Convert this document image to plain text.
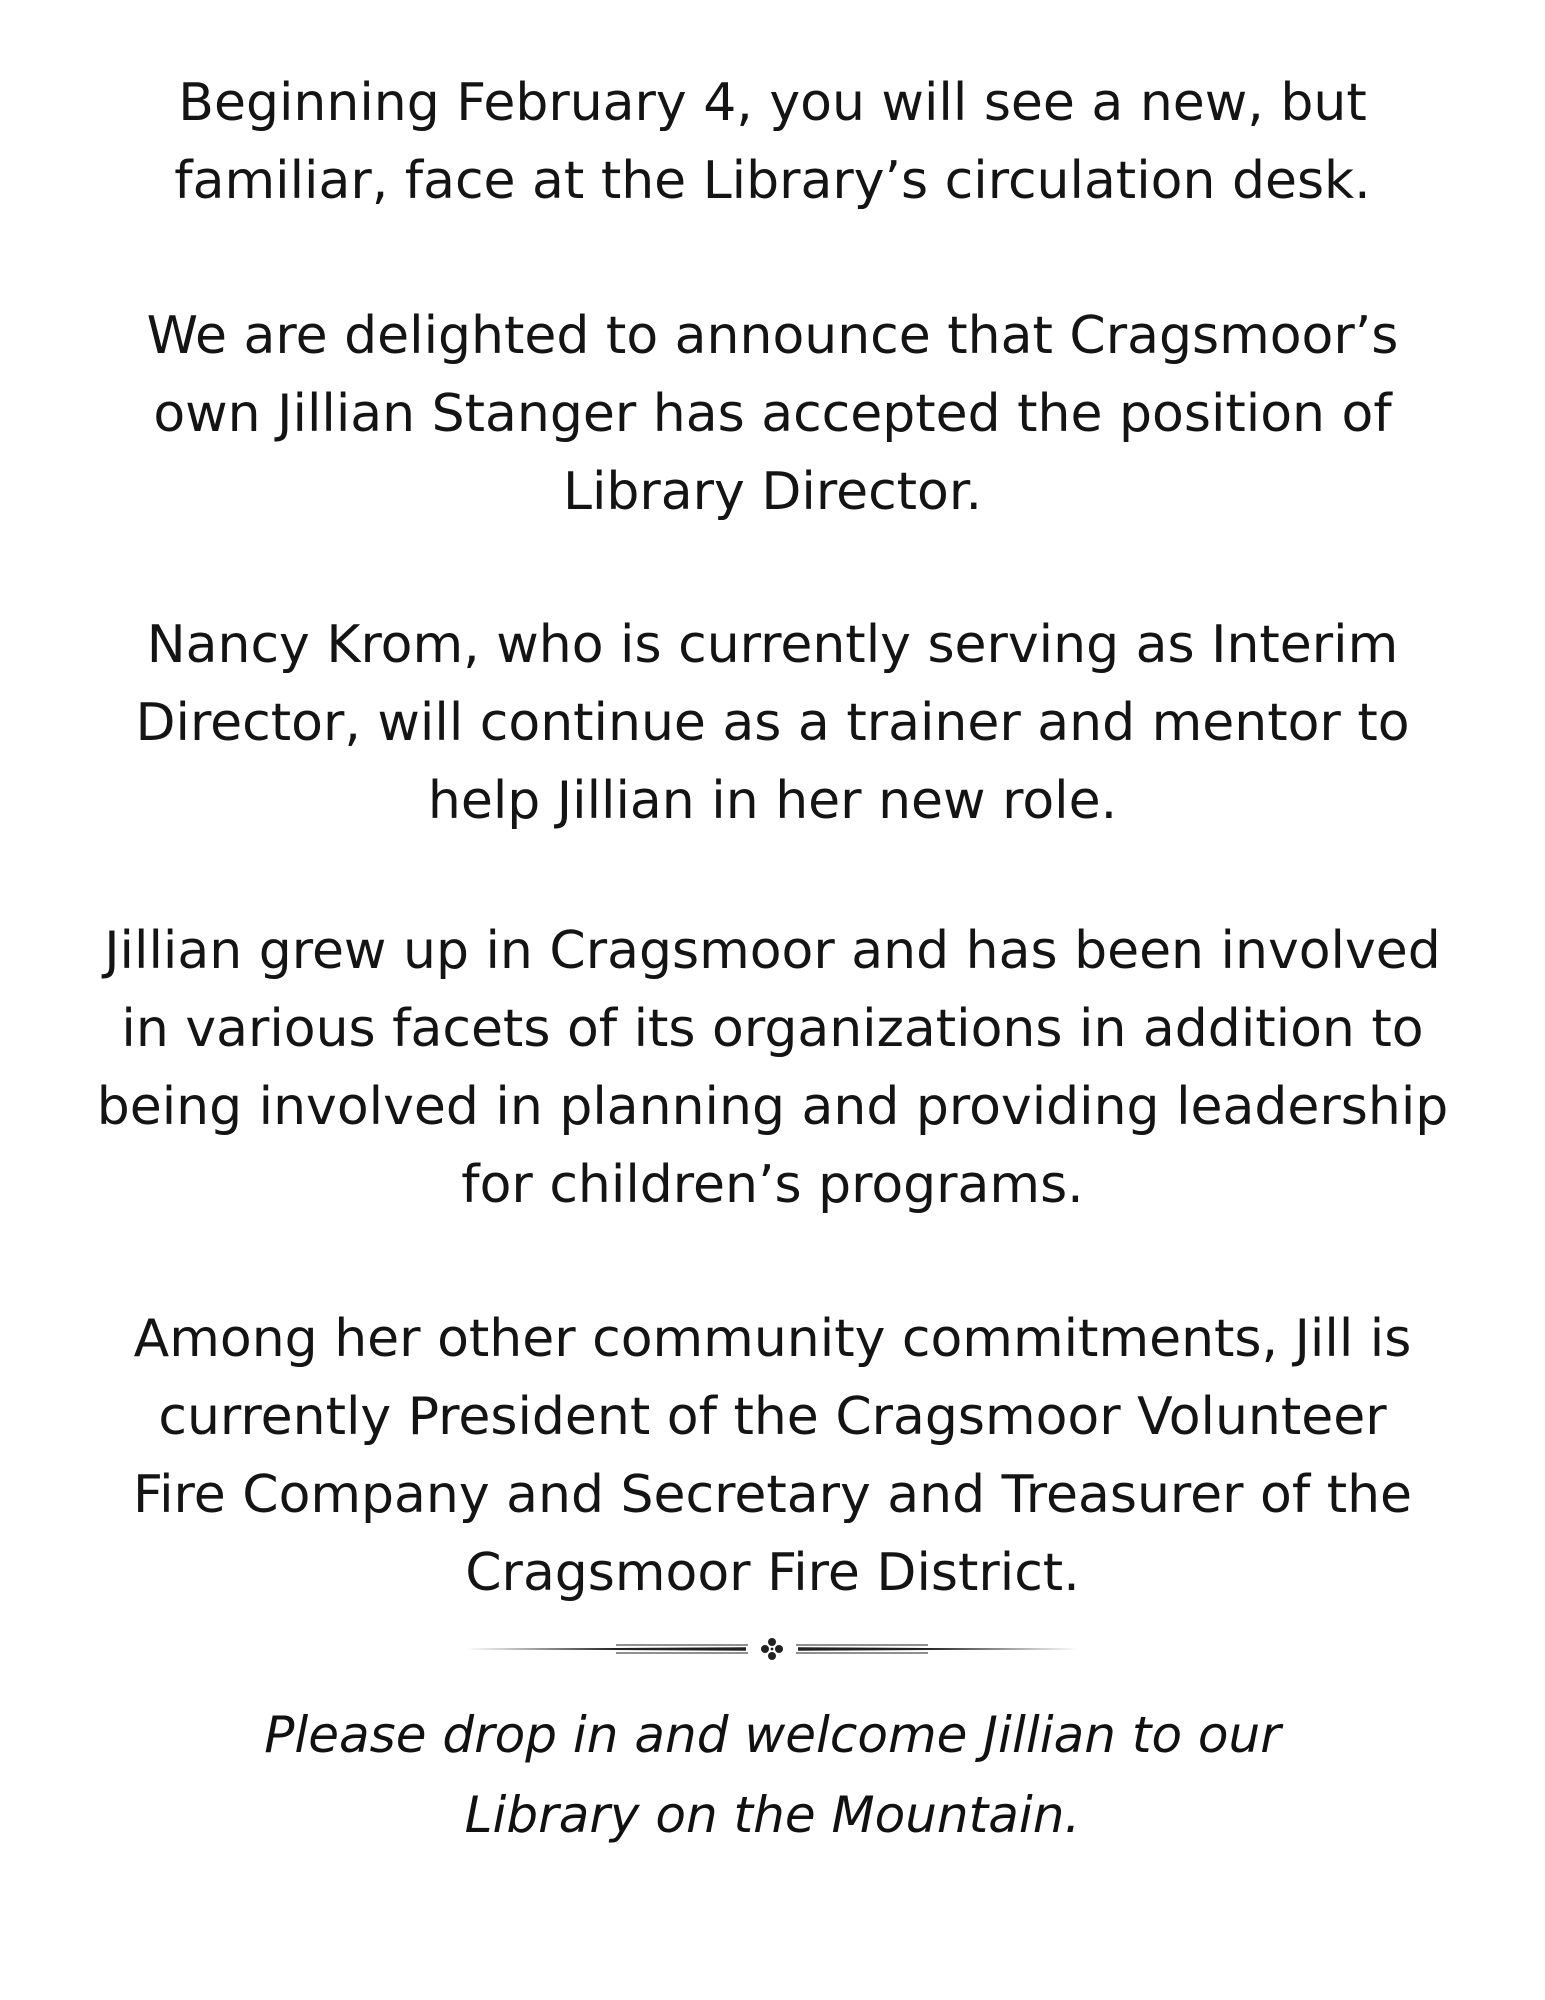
Beginning February 4, you will see a new, but
familiar, face at the Library’s circulation desk.

We are delighted to announce that Cragsmoor’s
own Jillian Stanger has accepted the position of
Library Director.

Nancy Krom, who is currently serving as Interim
Director, will continue as a trainer and mentor to
help Jillian in her new role.

Jillian grew up in Cragsmoor and has been involved
in various facets of its organizations in addition to
being involved in planning and providing leadership
for children’s programs.

Among her other community commitments, Jill is
currently President of the Cragsmoor Volunteer
Fire Company and Secretary and Treasurer of the
Cragsmoor Fire District.

Please drop in and welcome Jillian to our
Library on the Mountain.
